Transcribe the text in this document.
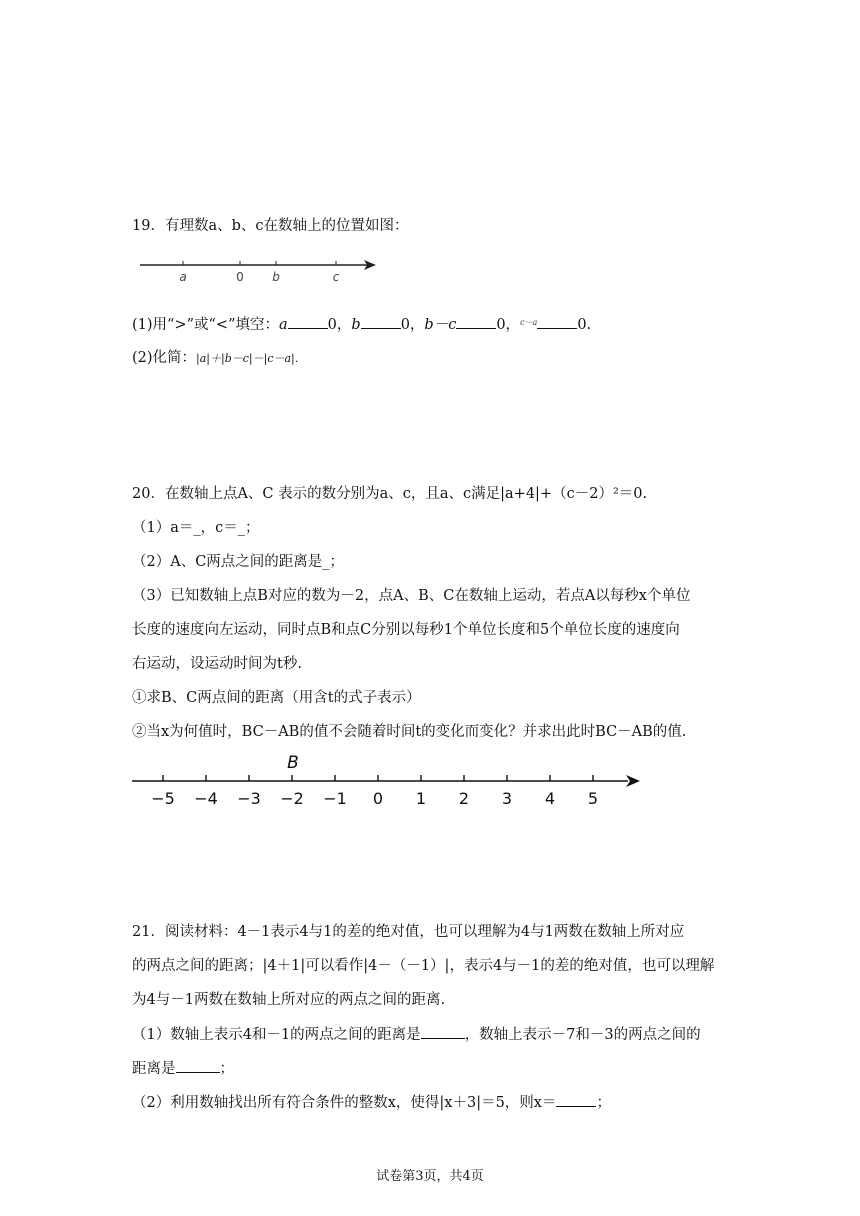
19．有理数a、b、c在数轴上的位置如图：
a	0 b	c
(1)用“>”或“<”填空：a	0，b	0，b－c	0，$^{c-a}$	0.
(2)化简：|a|＋|b－c|－|c－a|．
20．在数轴上点A、C 表示的数分别为a、c，且a、c满足|a+4|+（c－2）²＝0.
（1）a＝_，c＝_；
（2）A、C两点之间的距离是_；
（3）已知数轴上点B对应的数为－2，点A、B、C在数轴上运动，若点A以每秒x个单位
长度的速度向左运动，同时点B和点C分别以每秒1个单位长度和5个单位长度的速度向
右运动，设运动时间为t秒.
①求B、C两点间的距离（用含t的式子表示）
②当x为何值时，BC－AB的值不会随着时间t的变化而变化？并求出此时BC－AB的值.
B
−5 −4 −3 −2 −1 0 1 2 3 4 5
21．阅读材料：4－1表示4与1的差的绝对值，也可以理解为4与1两数在数轴上所对应
的两点之间的距离；|4＋1|可以看作|4－（－1）|，表示4与－1的差的绝对值，也可以理解
为4与－1两数在数轴上所对应的两点之间的距离.
（1）数轴上表示4和－1的两点之间的距离是	，数轴上表示－7和－3的两点之间的
距离是	；
（2）利用数轴找出所有符合条件的整数x，使得|x＋3|＝5，则x＝	；
试卷第3页，共4页
